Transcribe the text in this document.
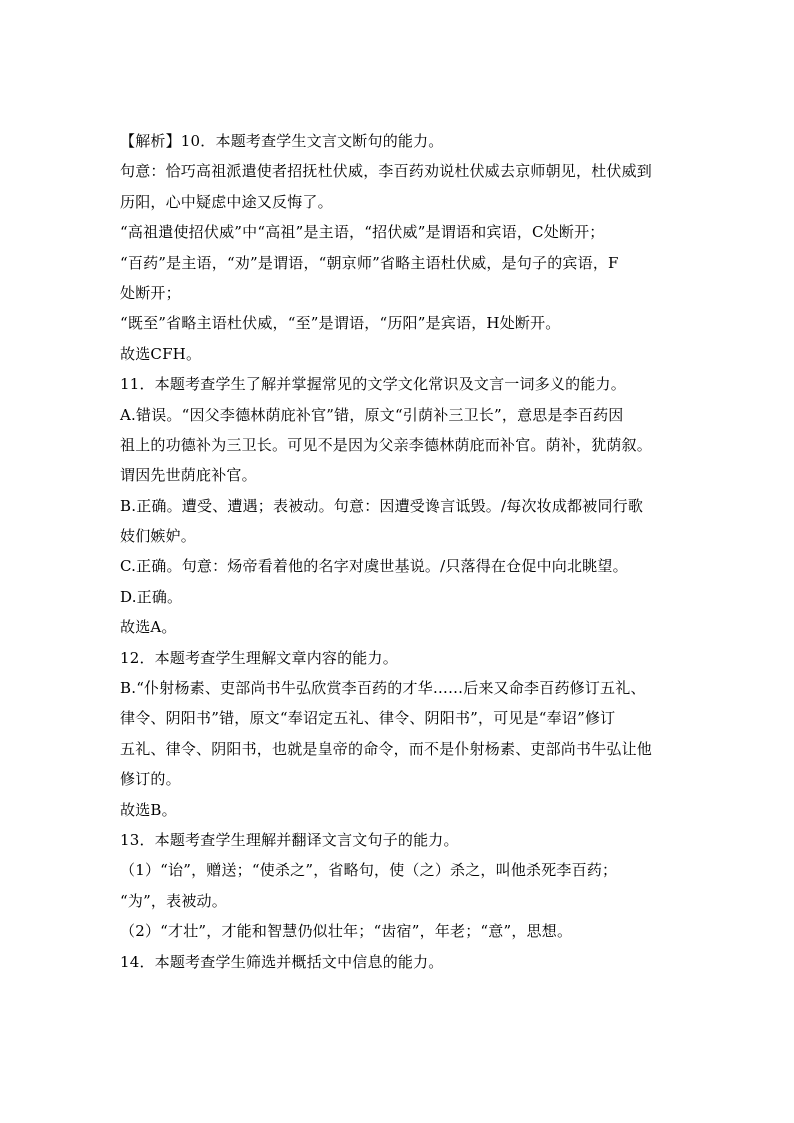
【解析】10．本题考查学生文言文断句的能力。
句意：恰巧高祖派遣使者招抚杜伏威，李百药劝说杜伏威去京师朝见，杜伏威到
历阳，心中疑虑中途又反悔了。
“高祖遣使招伏威”中“高祖”是主语，“招伏威”是谓语和宾语，C处断开；
“百药”是主语，“劝”是谓语，“朝京师”省略主语杜伏威，是句子的宾语，F
处断开；
“既至”省略主语杜伏威，“至”是谓语，“历阳”是宾语，H处断开。
故选CFH。
11．本题考查学生了解并掌握常见的文学文化常识及文言一词多义的能力。
A.错误。“因父李德林荫庇补官”错，原文“引荫补三卫长”，意思是李百药因
祖上的功德补为三卫长。可见不是因为父亲李德林荫庇而补官。荫补，犹荫叙。
谓因先世荫庇补官。
B.正确。遭受、遭遇；表被动。句意：因遭受谗言诋毁。/每次妆成都被同行歌
妓们嫉妒。
C.正确。句意：炀帝看着他的名字对虞世基说。/只落得在仓促中向北眺望。
D.正确。
故选A。
12．本题考查学生理解文章内容的能力。
B.“仆射杨素、吏部尚书牛弘欣赏李百药的才华……后来又命李百药修订五礼、
律令、阴阳书”错，原文“奉诏定五礼、律令、阴阳书”，可见是“奉诏”修订
五礼、律令、阴阳书，也就是皇帝的命令，而不是仆射杨素、吏部尚书牛弘让他
修订的。
故选B。
13．本题考查学生理解并翻译文言文句子的能力。
（1）“诒”，赠送；“使杀之”，省略句，使（之）杀之，叫他杀死李百药；
“为”，表被动。
（2）“才壮”，才能和智慧仍似壮年；“齿宿”，年老；“意”，思想。
14．本题考查学生筛选并概括文中信息的能力。
